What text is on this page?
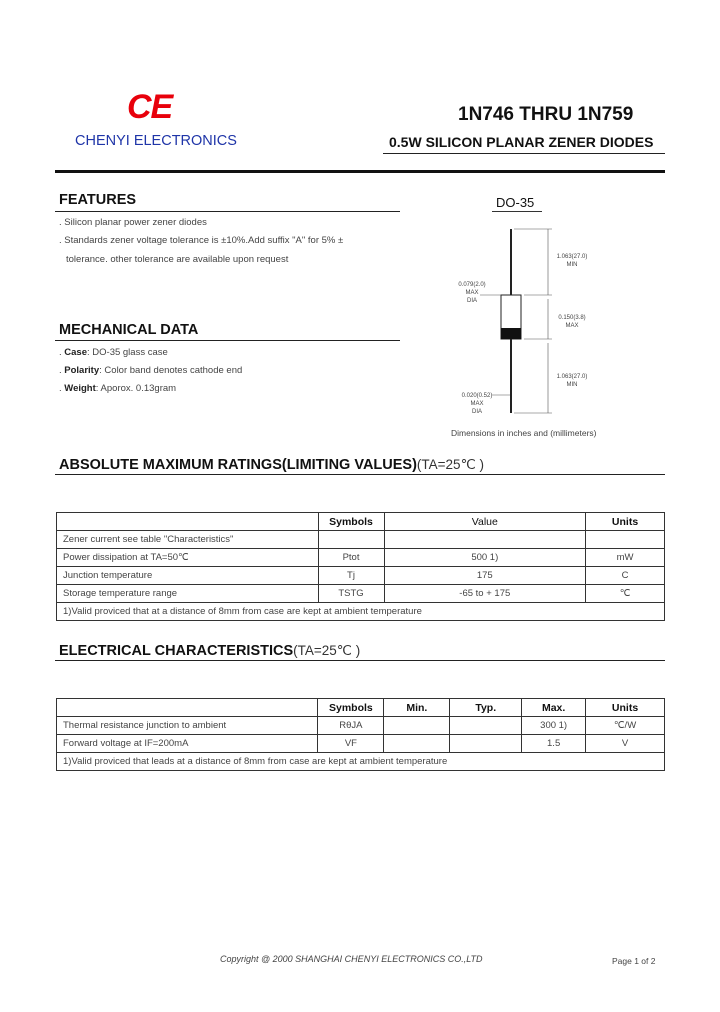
CE
CHENYI ELECTRONICS
1N746 THRU 1N759
0.5W SILICON PLANAR ZENER DIODES
FEATURES
. Silicon planar power zener diodes
. Standards zener voltage tolerance is ±10%.Add suffix "A" for 5% ±
tolerance. other tolerance are available upon request
MECHANICAL DATA
. Case: DO-35 glass case
. Polarity: Color band denotes cathode end
. Weight: Aporox. 0.13gram
DO-35
1.063(27.0)
MIN
0.079(2.0)
MAX
DIA
0.150(3.8)
MAX
1.063(27.0)
MIN
0.020(0.52)
MAX
DIA
Dimensions in inches and (millimeters)
ABSOLUTE MAXIMUM RATINGS(LIMITING VALUES)(TA=25℃ )
	Symbols	Value	Units
Zener current see table "Characteristics"			
Power dissipation at TA=50℃	Ptot	500 1)	mW
Junction temperature	Tj	175	C
Storage temperature range	TSTG	-65 to + 175	℃
1)Valid proviced that at a distance of 8mm from case are kept at ambient temperature			
ELECTRICAL CHARACTERISTICS(TA=25℃ )
	Symbols	Min.	Typ.	Max.	Units
Thermal resistance junction to ambient	RθJA			300 1)	℃/W
Forward voltage at IF=200mA	VF			1.5	V
1)Valid proviced that leads at a distance of 8mm from case are kept at ambient temperature					
Copyright @ 2000 SHANGHAI CHENYI ELECTRONICS CO.,LTD	Page 1 of 2
